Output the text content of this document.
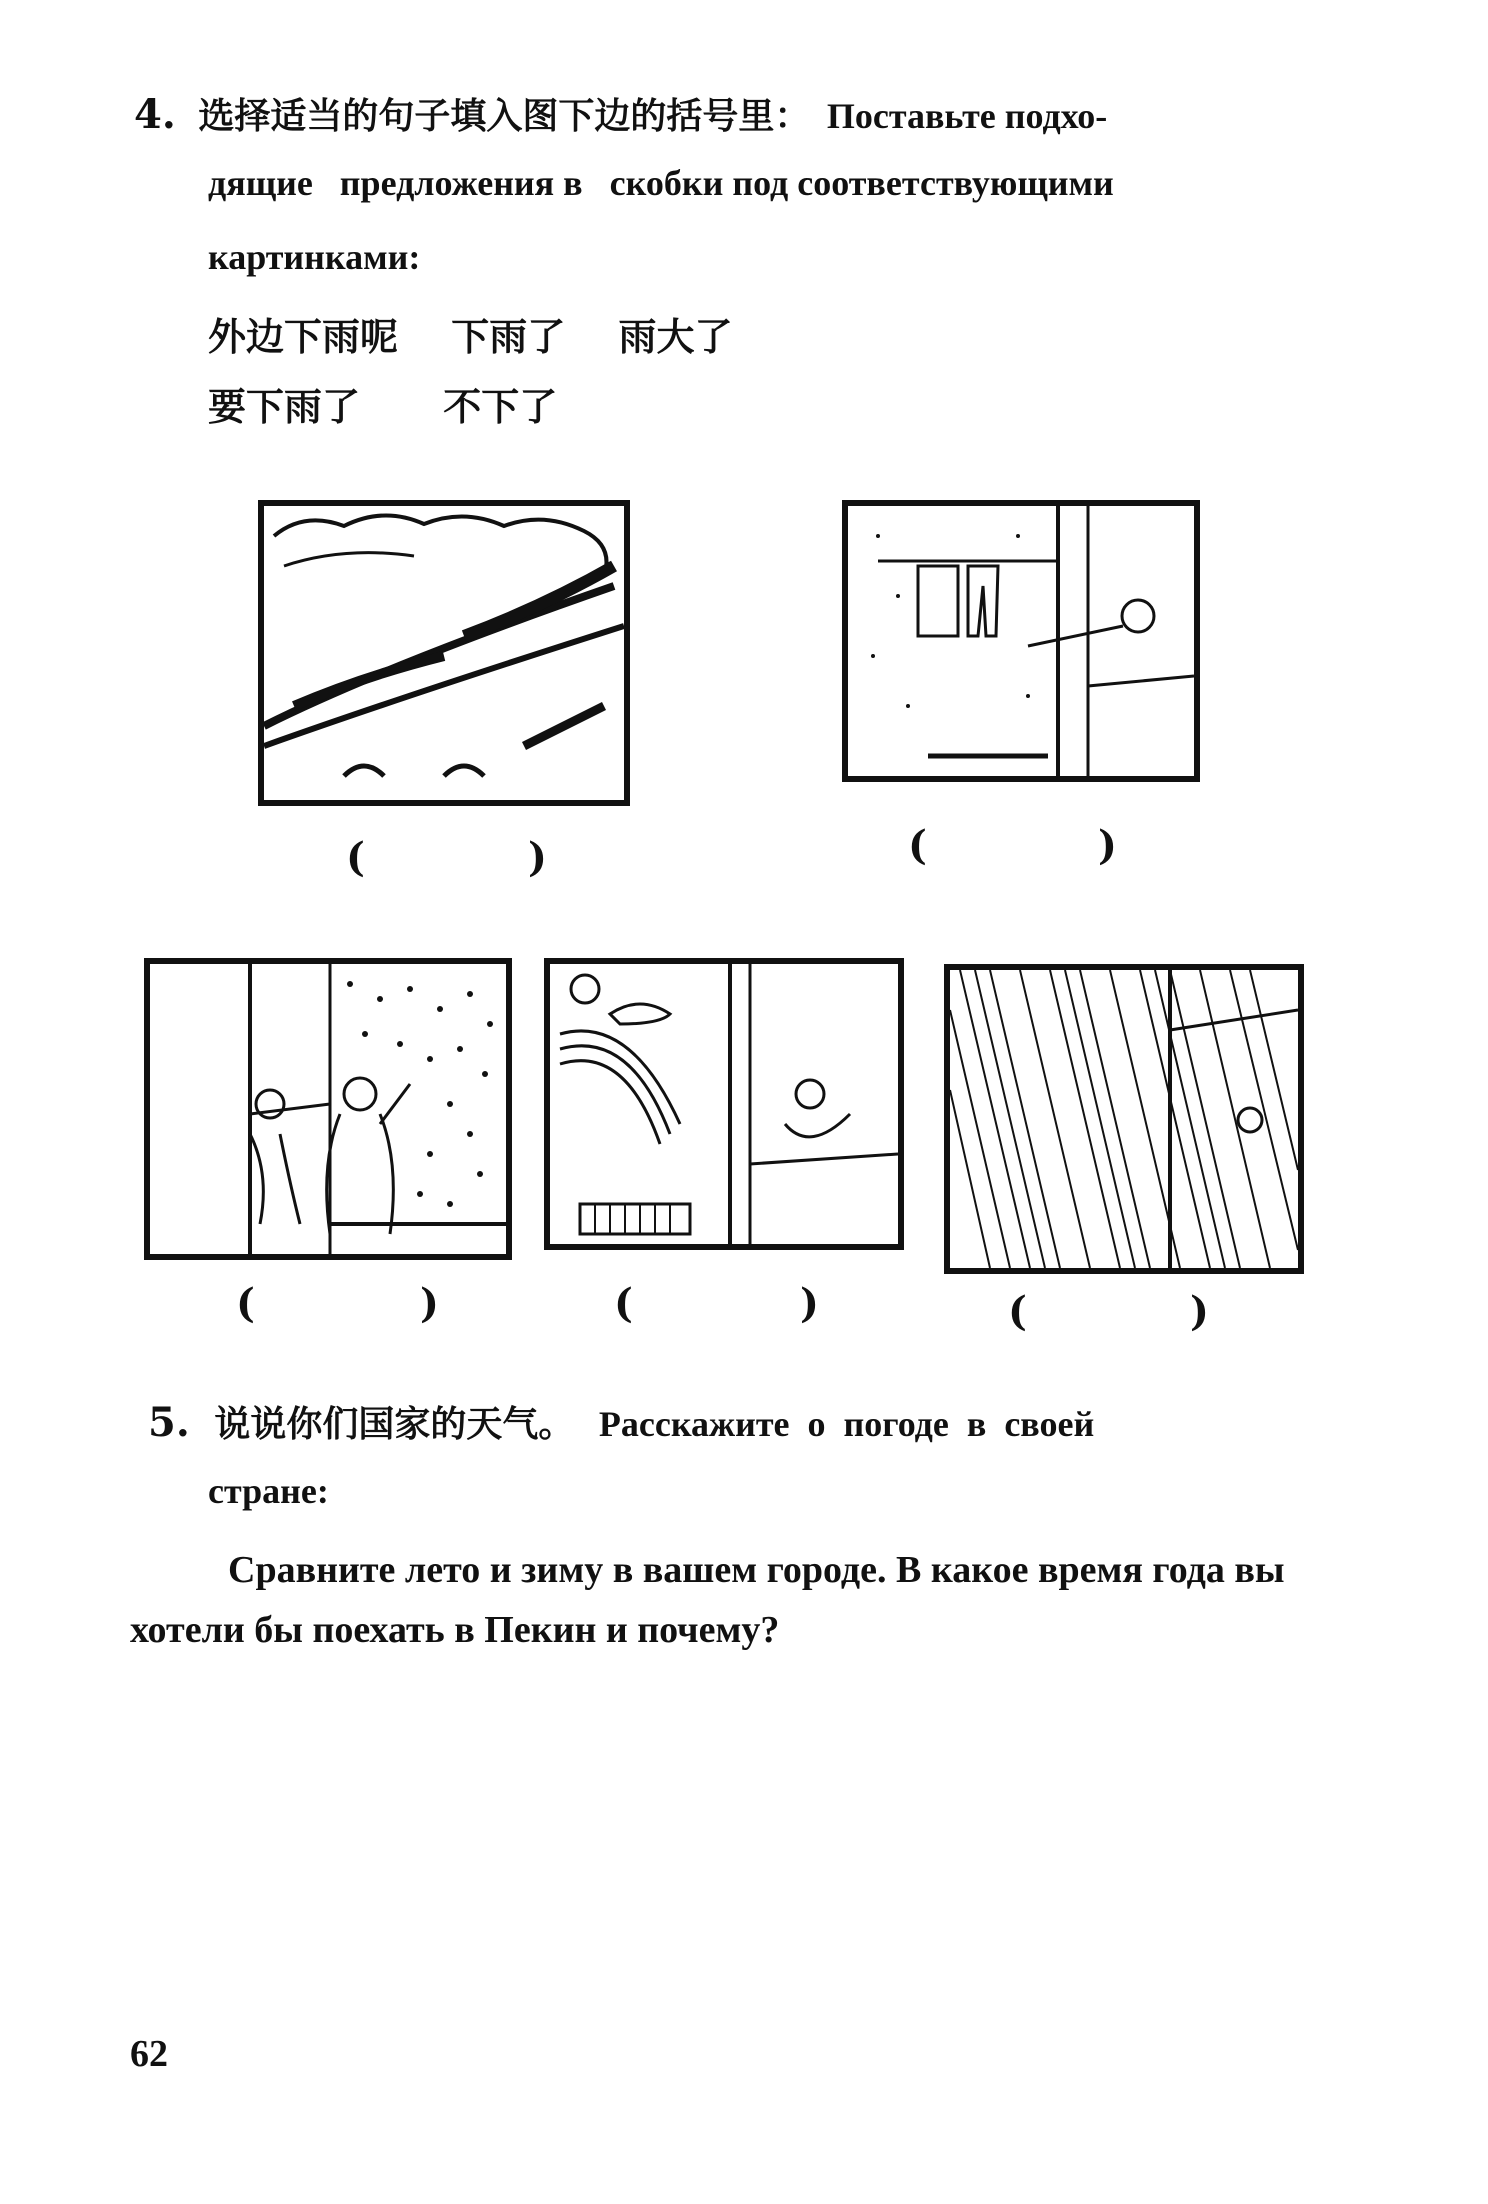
4. 选择适当的句子填入图下边的括号里： Поставьте подхо-
дящие   предложения в   скобки под соответствующими
картинками:
外边下雨呢 下雨了 雨大了
要下雨了 不下了
(	)	(	)
(	)	(	)	(	)
5. 说说你们国家的天气。 Расскажите  о  погоде  в  своей
стране:
Сравните лето и зиму в вашем городе. В какое время года вы
хотели бы поехать в Пекин и почему?
62
